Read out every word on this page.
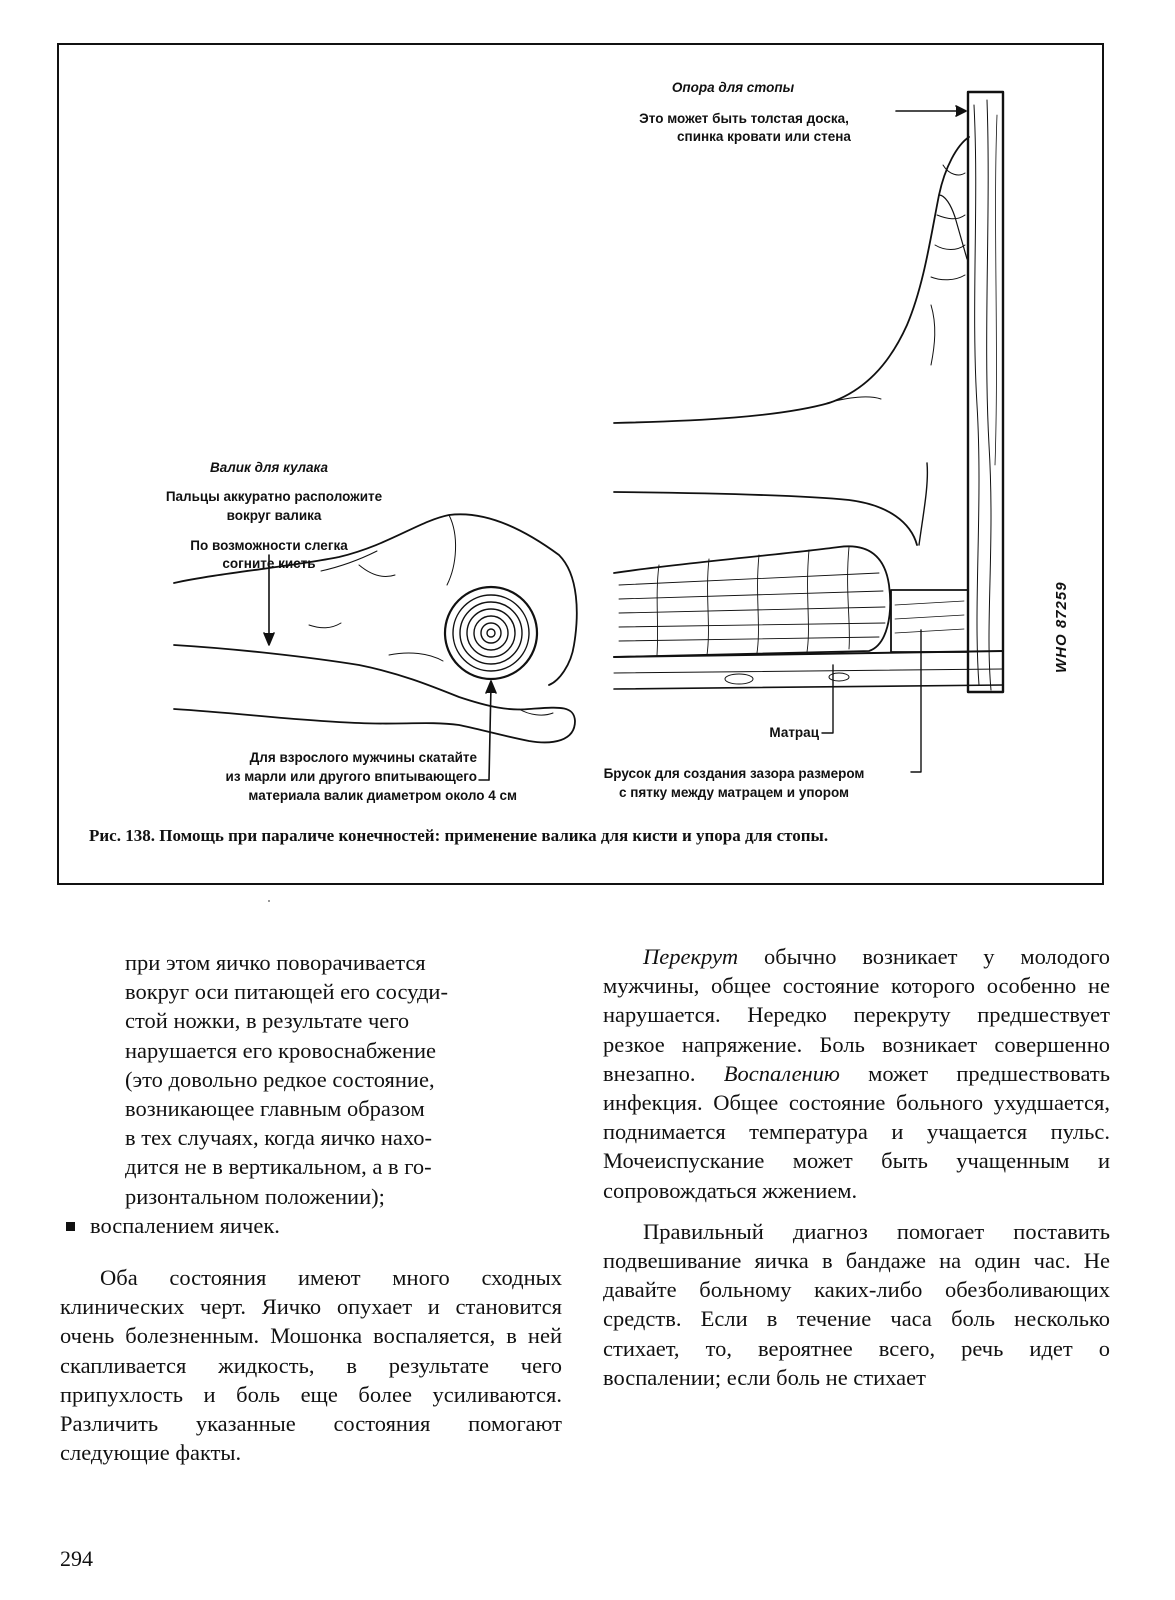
Опора для стопы
Это может быть толстая доска,
спинка кровати или стена
Валик для кулака
Пальцы аккуратно расположите
вокруг валика
По возможности слегка
согните кисть
Для взрослого мужчины скатайте
из марли или другого впитывающего
материала валик диаметром около 4 см
Матрац
Брусок для создания зазора размером
с пятку между матрацем и упором
WHO 87259
Рис. 138. Помощь при параличе конечностей: применение валика для кисти и упора для стопы.
при этом яичко поворачивается
вокруг оси питающей его сосуди-
стой ножки, в результате чего
нарушается его кровоснабжение
(это довольно редкое состояние,
возникающее главным образом
в тех случаях, когда яичко нахо-
дится не в вертикальном, а в го-
ризонтальном положении);
воспалением яичек.

Оба состояния имеют много сходных клинических черт. Яичко опухает и становится очень болезненным. Мошонка воспаляется, в ней скапливается жидкость, в результате чего припухлость и боль еще более усиливаются. Различить указанные состояния помогают следующие факты.

Перекрут обычно возникает у молодого мужчины, общее состояние которого особенно не нарушается. Нередко перекруту предшествует резкое напряжение. Боль возникает совершенно внезапно. Воспалению может предшествовать инфекция. Общее состояние больного ухудшается, поднимается температура и учащается пульс. Мочеиспускание может быть учащенным и сопровождаться жжением.

Правильный диагноз помогает поставить подвешивание яичка в бандаже на один час. Не давайте больному каких-либо обезболивающих средств. Если в течение часа боль несколько стихает, то, вероятнее всего, речь идет о воспалении; если боль не стихает

294
